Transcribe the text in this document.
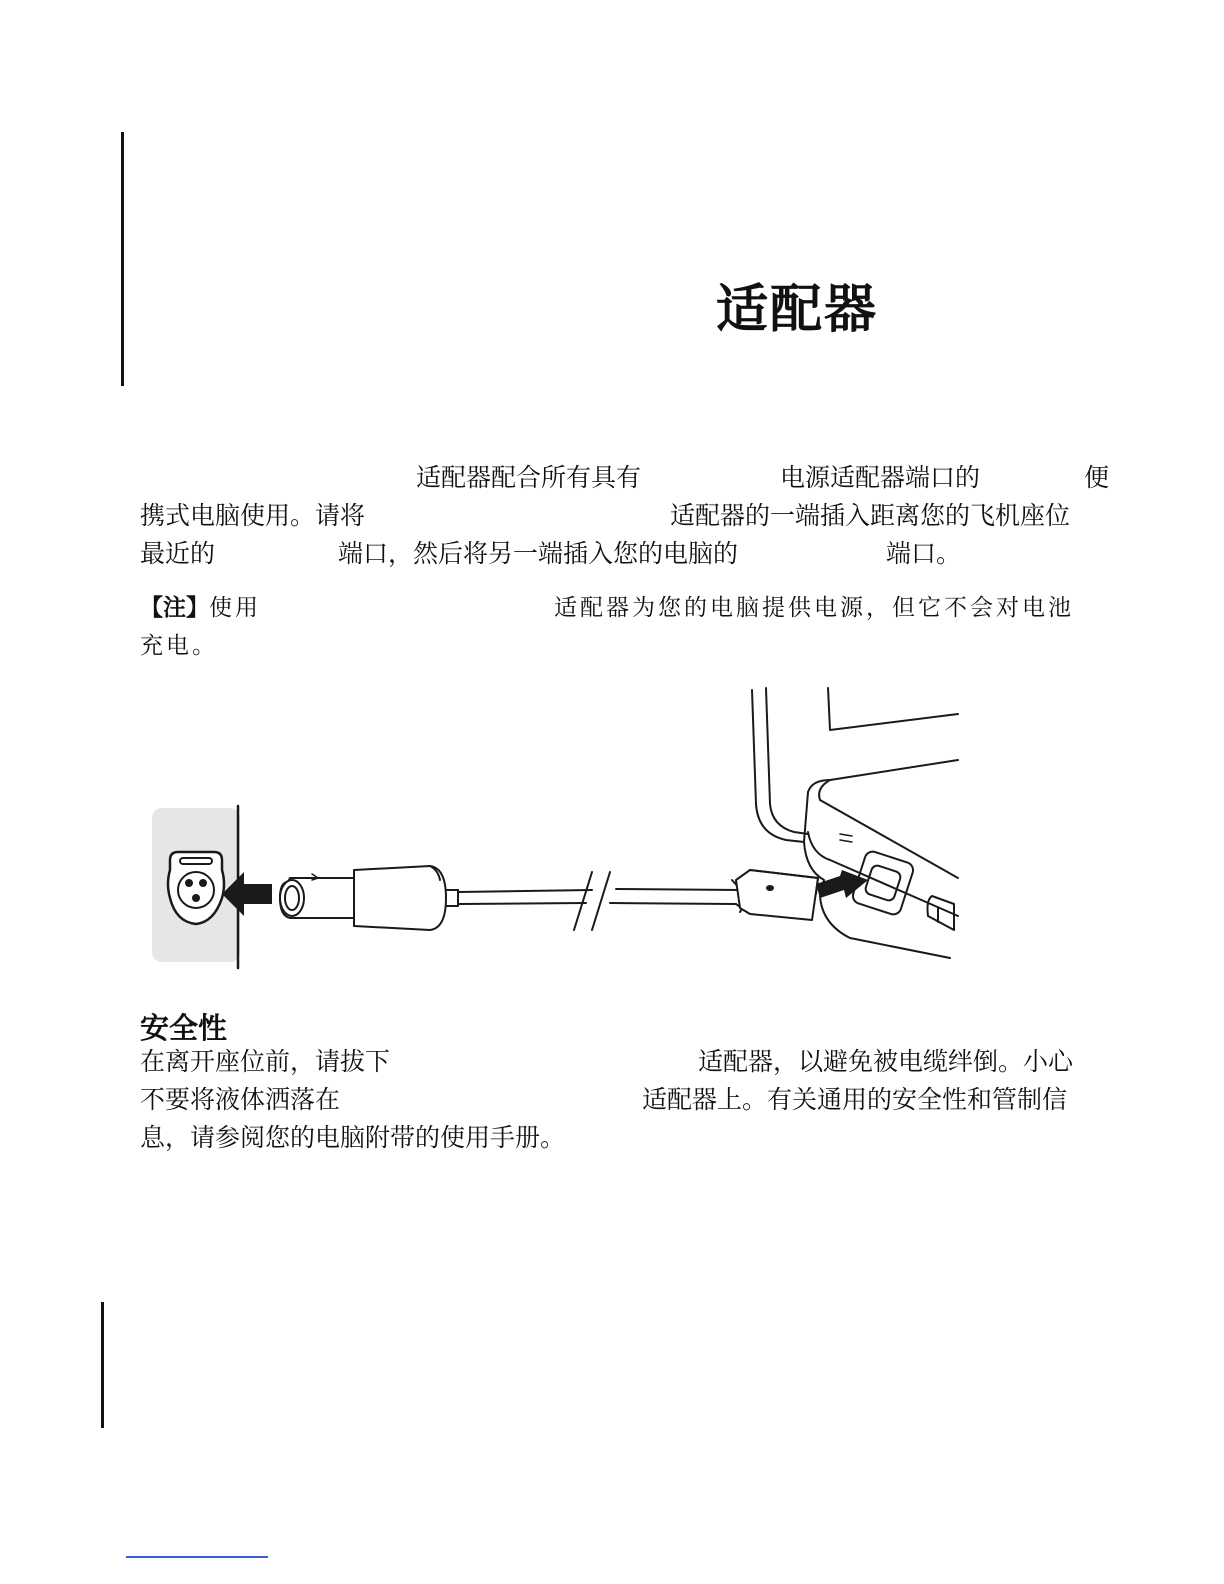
适配器
适配器配合所有具有	电源适配器端口的	便
携式电脑使用。请将	适配器的一端插入距离您的飞机座位
最近的	端口，然后将另一端插入您的电脑的	端口。
【注】使用	适配器为您的电脑提供电源，但它不会对电池
充电。
安全性
在离开座位前，请拔下	适配器，以避免被电缆绊倒。小心
不要将液体洒落在	适配器上。有关通用的安全性和管制信
息，请参阅您的电脑附带的使用手册。
